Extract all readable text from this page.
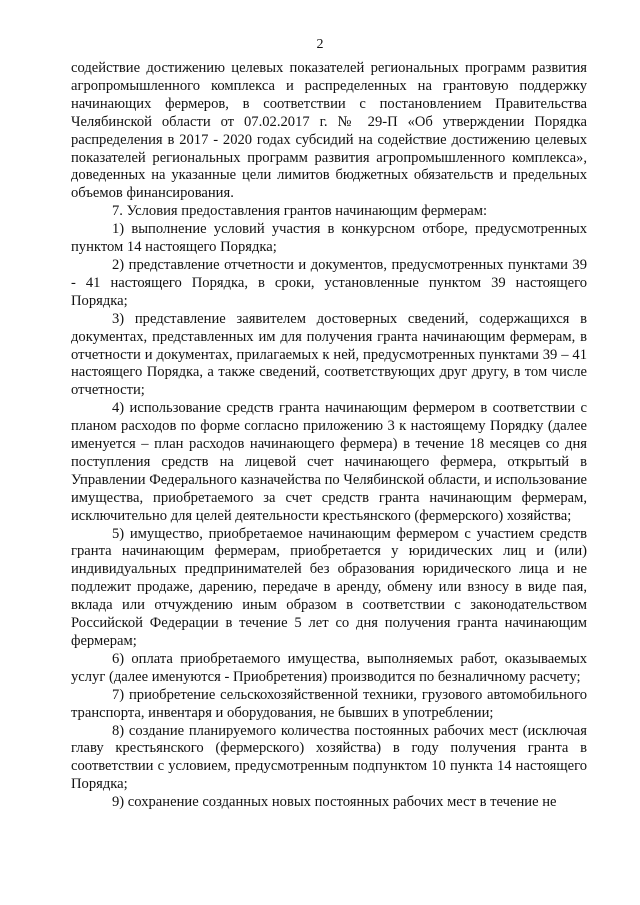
2

содействие достижению целевых показателей региональных программ развития агропромышленного комплекса и распределенных на грантовую поддержку начинающих фермеров, в соответствии с постановлением Правительства Челябинской области от 07.02.2017 г. № 29-П «Об утверждении Порядка распределения в 2017 - 2020 годах субсидий на содействие достижению целевых показателей региональных программ развития агропромышленного комплекса», доведенных на указанные цели лимитов бюджетных обязательств и предельных объемов финансирования.

7. Условия предоставления грантов начинающим фермерам:

1) выполнение условий участия в конкурсном отборе, предусмотренных пунктом 14 настоящего Порядка;

2) представление отчетности и документов, предусмотренных пунктами 39 - 41 настоящего Порядка, в сроки, установленные пунктом 39 настоящего Порядка;

3) представление заявителем достоверных сведений, содержащихся в документах, представленных им для получения гранта начинающим фермерам, в отчетности и документах, прилагаемых к ней, предусмотренных пунктами 39 – 41 настоящего Порядка, а также сведений, соответствующих друг другу, в том числе отчетности;

4) использование средств гранта начинающим фермером в соответствии с планом расходов по форме согласно приложению 3 к настоящему Порядку (далее именуется – план расходов начинающего фермера) в течение 18 месяцев со дня поступления средств на лицевой счет начинающего фермера, открытый в Управлении Федерального казначейства по Челябинской области, и использование имущества, приобретаемого за счет средств гранта начинающим фермерам, исключительно для целей деятельности крестьянского (фермерского) хозяйства;

5) имущество, приобретаемое начинающим фермером с участием средств гранта начинающим фермерам, приобретается у юридических лиц и (или) индивидуальных предпринимателей без образования юридического лица и не подлежит продаже, дарению, передаче в аренду, обмену или взносу в виде пая, вклада или отчуждению иным образом в соответствии с законодательством Российской Федерации в течение 5 лет со дня получения гранта начинающим фермерам;

6) оплата приобретаемого имущества, выполняемых работ, оказываемых услуг (далее именуются - Приобретения) производится по безналичному расчету;

7) приобретение сельскохозяйственной техники, грузового автомобильного транспорта, инвентаря и оборудования, не бывших в употреблении;

8) создание планируемого количества постоянных рабочих мест (исключая главу крестьянского (фермерского) хозяйства) в году получения гранта в соответствии с условием, предусмотренным подпунктом 10 пункта 14 настоящего Порядка;

9) сохранение созданных новых постоянных рабочих мест в течение не
